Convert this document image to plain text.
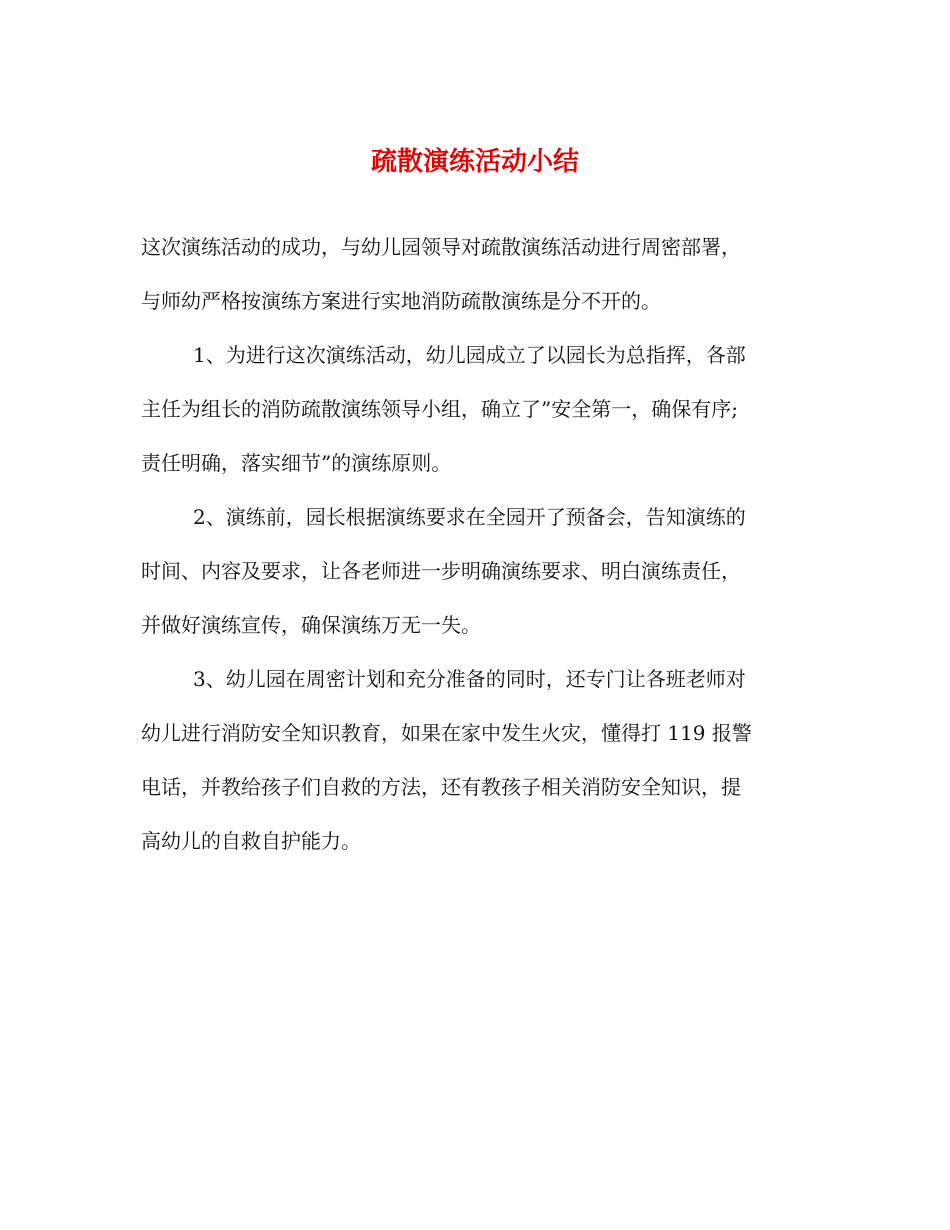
疏散演练活动小结

这次演练活动的成功，与幼儿园领导对疏散演练活动进行周密部署，

与师幼严格按演练方案进行实地消防疏散演练是分不开的。

1、为进行这次演练活动，幼儿园成立了以园长为总指挥，各部

主任为组长的消防疏散演练领导小组，确立了”安全第一，确保有序;

责任明确，落实细节”的演练原则。

2、演练前，园长根据演练要求在全园开了预备会，告知演练的

时间、内容及要求，让各老师进一步明确演练要求、明白演练责任，

并做好演练宣传，确保演练万无一失。

3、幼儿园在周密计划和充分准备的同时，还专门让各班老师对

幼儿进行消防安全知识教育，如果在家中发生火灾，懂得打 119 报警

电话，并教给孩子们自救的方法，还有教孩子相关消防安全知识，提

高幼儿的自救自护能力。
